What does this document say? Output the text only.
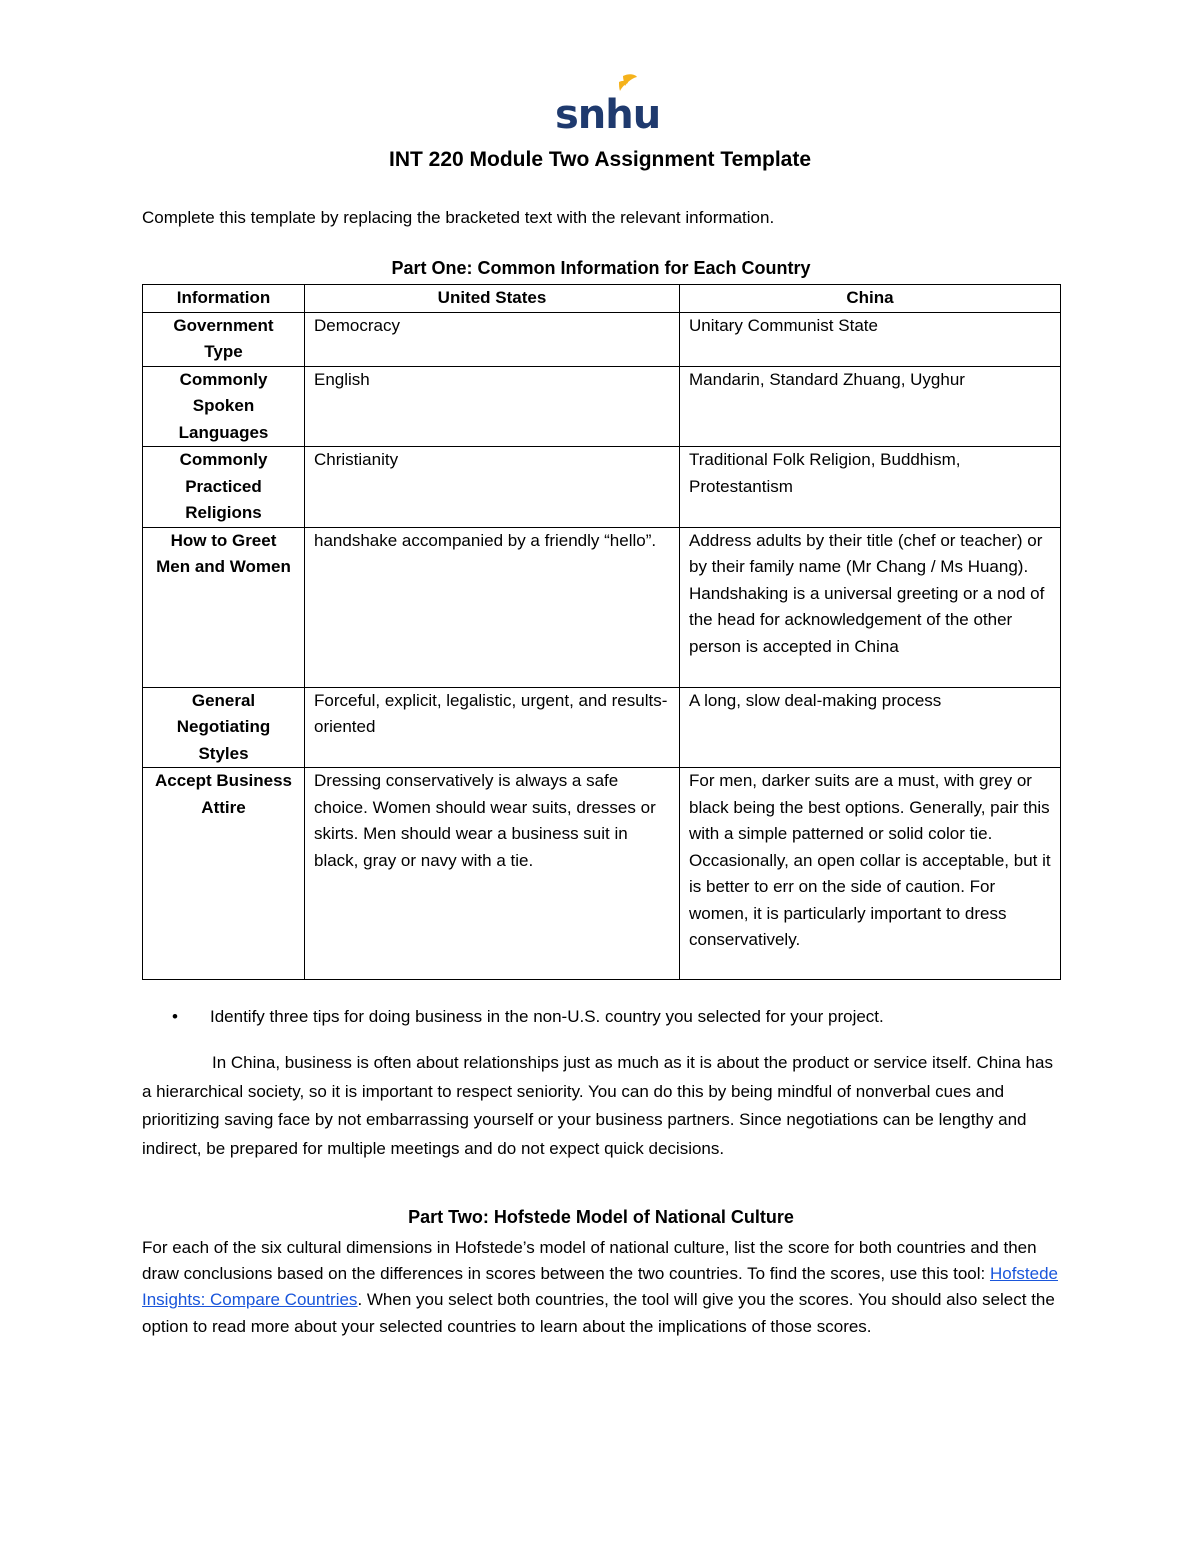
snhu
INT 220 Module Two Assignment Template

Complete this template by replacing the bracketed text with the relevant information.

Part One: Common Information for Each Country
Information	United States	China
Government Type	Democracy	Unitary Communist State
Commonly Spoken Languages	English	Mandarin, Standard Zhuang, Uyghur
Commonly Practiced Religions	Christianity	Traditional Folk Religion, Buddhism, Protestantism
How to Greet Men and Women	handshake accompanied by a friendly “hello”.	Address adults by their title (chef or teacher) or by their family name (Mr Chang / Ms Huang). Handshaking is a universal greeting or a nod of the head for acknowledgement of the other person is accepted in China
General Negotiating Styles	Forceful, explicit, legalistic, urgent, and results-oriented	A long, slow deal-making process
Accept Business Attire	Dressing conservatively is always a safe choice. Women should wear suits, dresses or skirts. Men should wear a business suit in black, gray or navy with a tie.	For men, darker suits are a must, with grey or black being the best options. Generally, pair this with a simple patterned or solid color tie. Occasionally, an open collar is acceptable, but it is better to err on the side of caution. For women, it is particularly important to dress conservatively.
• Identify three tips for doing business in the non-U.S. country you selected for your project.

In China, business is often about relationships just as much as it is about the product or service itself. China has a hierarchical society, so it is important to respect seniority. You can do this by being mindful of nonverbal cues and prioritizing saving face by not embarrassing yourself or your business partners. Since negotiations can be lengthy and indirect, be prepared for multiple meetings and do not expect quick decisions.

Part Two: Hofstede Model of National Culture

For each of the six cultural dimensions in Hofstede’s model of national culture, list the score for both countries and then draw conclusions based on the differences in scores between the two countries. To find the scores, use this tool: Hofstede Insights: Compare Countries. When you select both countries, the tool will give you the scores. You should also select the option to read more about your selected countries to learn about the implications of those scores.
